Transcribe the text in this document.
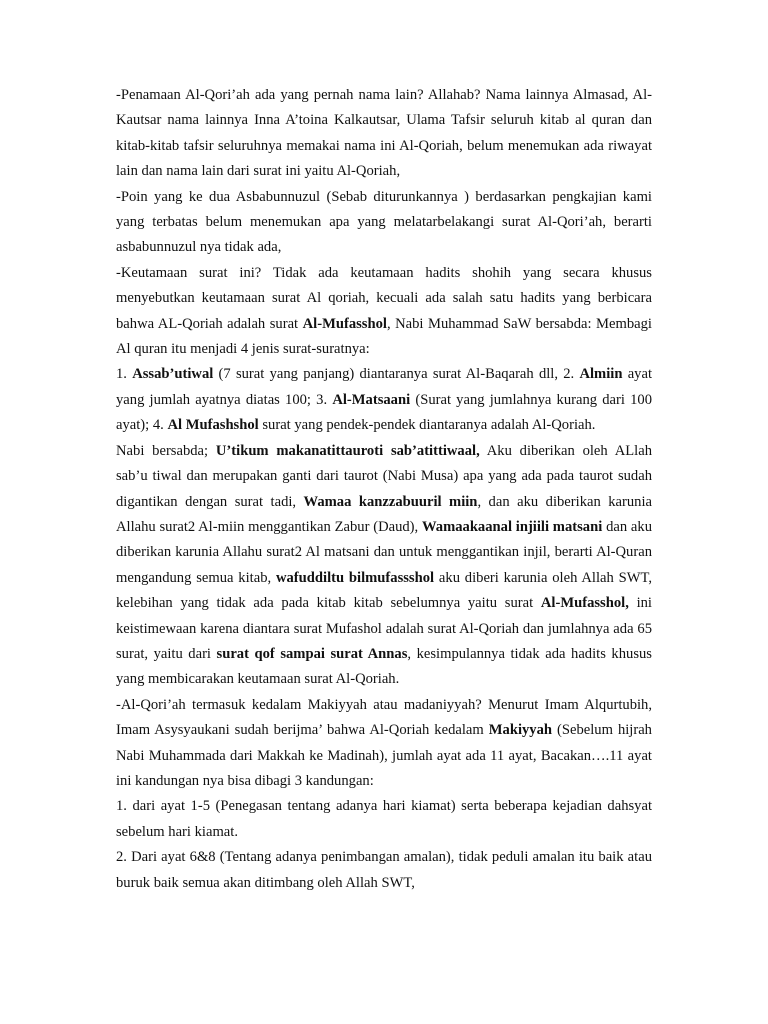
-Penamaan Al-Qori’ah ada yang pernah nama lain? Allahab? Nama lainnya Almasad, Al-Kautsar nama lainnya Inna A’toina Kalkautsar, Ulama Tafsir seluruh kitab al quran dan kitab-kitab tafsir seluruhnya memakai nama ini Al-Qoriah, belum menemukan ada riwayat lain dan nama lain dari surat ini yaitu Al-Qoriah,

-Poin yang ke dua Asbabunnuzul (Sebab diturunkannya ) berdasarkan pengkajian kami yang terbatas belum menemukan apa yang melatarbelakangi surat Al-Qori’ah, berarti asbabunnuzul nya tidak ada,

-Keutamaan surat ini? Tidak ada keutamaan hadits shohih yang secara khusus menyebutkan keutamaan surat Al qoriah, kecuali ada salah satu hadits yang berbicara bahwa AL-Qoriah adalah surat Al-Mufasshol, Nabi Muhammad SaW bersabda: Membagi Al quran itu menjadi 4 jenis surat-suratnya:

1. Assab’utiwal (7 surat yang panjang) diantaranya surat Al-Baqarah dll, 2. Almiin ayat yang jumlah ayatnya diatas 100; 3. Al-Matsaani (Surat yang jumlahnya kurang dari 100 ayat); 4. Al Mufashshol surat yang pendek-pendek diantaranya adalah Al-Qoriah.

Nabi bersabda; U’tikum makanatittauroti sab’atittiwaal, Aku diberikan oleh ALlah sab’u tiwal dan merupakan ganti dari taurot (Nabi Musa) apa yang ada pada taurot sudah digantikan dengan surat tadi, Wamaa kanzzabuuril miin, dan aku diberikan karunia Allahu surat2 Al-miin menggantikan Zabur (Daud), Wamaakaanal injiili matsani dan aku diberikan karunia Allahu surat2 Al matsani dan untuk menggantikan injil, berarti Al-Quran mengandung semua kitab, wafuddiltu bilmufassshol aku diberi karunia oleh Allah SWT, kelebihan yang tidak ada pada kitab kitab sebelumnya yaitu surat Al-Mufasshol, ini keistimewaan karena diantara surat Mufashol adalah surat Al-Qoriah dan jumlahnya ada 65 surat, yaitu dari surat qof sampai surat Annas, kesimpulannya tidak ada hadits khusus yang membicarakan keutamaan surat Al-Qoriah.

-Al-Qori’ah termasuk kedalam Makiyyah atau madaniyyah? Menurut Imam Alqurtubih, Imam Asysyaukani sudah berijma’ bahwa Al-Qoriah kedalam Makiyyah (Sebelum hijrah Nabi Muhammada dari Makkah ke Madinah), jumlah ayat ada 11 ayat, Bacakan….11 ayat ini kandungan nya bisa dibagi 3 kandungan:

1. dari ayat 1-5 (Penegasan tentang adanya hari kiamat) serta beberapa kejadian dahsyat sebelum hari kiamat.

2. Dari ayat 6&8 (Tentang adanya penimbangan amalan), tidak peduli amalan itu baik atau buruk baik semua akan ditimbang oleh Allah SWT,
